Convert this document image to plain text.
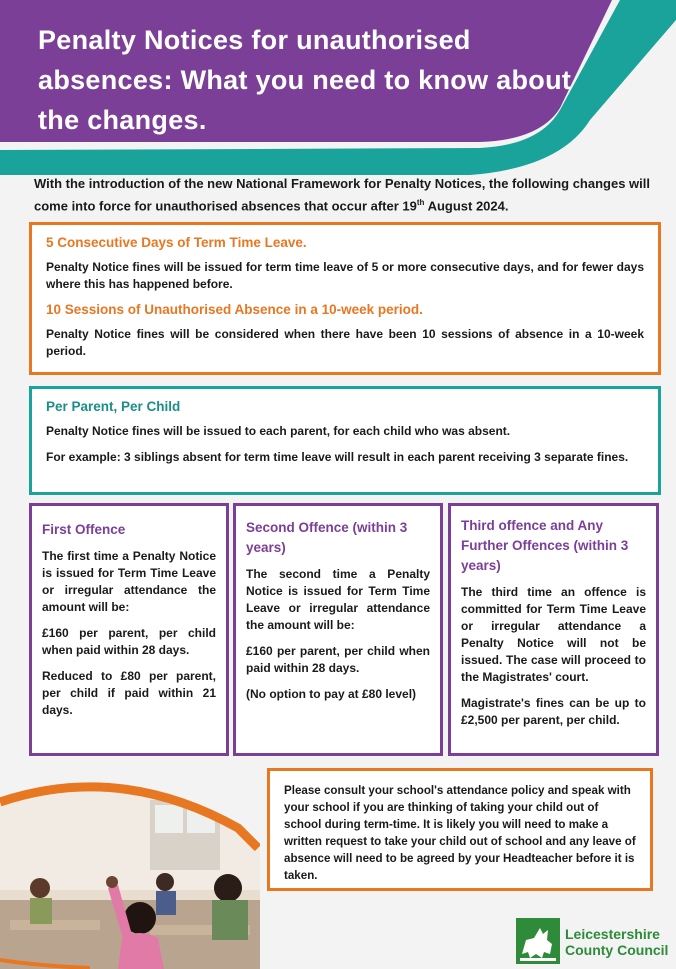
Penalty Notices for unauthorised absences: What you need to know about the changes.
With the introduction of the new National Framework for Penalty Notices, the following changes will come into force for unauthorised absences that occur after 19th August 2024.
5 Consecutive Days of Term Time Leave.
Penalty Notice fines will be issued for term time leave of 5 or more consecutive days, and for fewer days where this has happened before.
10 Sessions of Unauthorised Absence in a 10-week period.
Penalty Notice fines will be considered when there have been 10 sessions of absence in a 10-week period.
Per Parent, Per Child
Penalty Notice fines will be issued to each parent, for each child who was absent.
For example: 3 siblings absent for term time leave will result in each parent receiving 3 separate fines.
First Offence
The first time a Penalty Notice is issued for Term Time Leave or irregular attendance the amount will be:
£160 per parent, per child when paid within 28 days.
Reduced to £80 per parent, per child if paid within 21 days.
Second Offence (within 3 years)
The second time a Penalty Notice is issued for Term Time Leave or irregular attendance the amount will be:
£160 per parent, per child when paid within 28 days.
(No option to pay at £80 level)
Third offence and Any Further Offences (within 3 years)
The third time an offence is committed for Term Time Leave or irregular attendance a Penalty Notice will not be issued. The case will proceed to the Magistrates' court.
Magistrate's fines can be up to £2,500 per parent, per child.
Please consult your school's attendance policy and speak with your school if you are thinking of taking your child out of school during term-time. It is likely you will need to make a written request to take your child out of school and any leave of absence will need to be agreed by your Headteacher before it is taken.
Leicestershire
County Council
